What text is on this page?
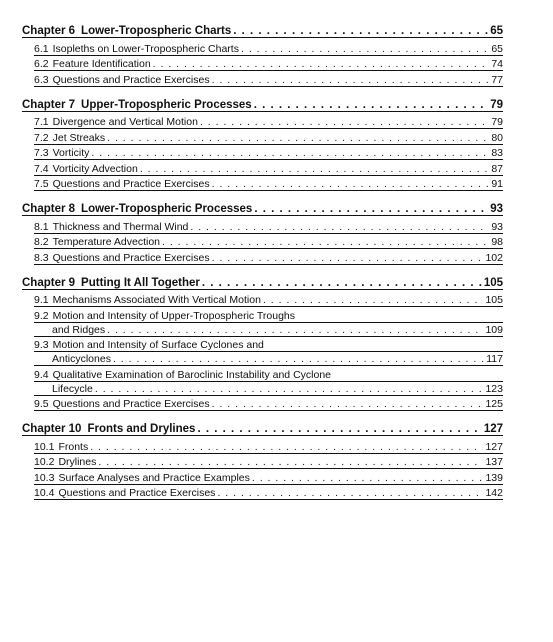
Chapter 6 Lower-Tropospheric Charts . . .	65
6.1 Isopleths on Lower-Tropospheric Charts . . .	65
6.2 Feature Identification . . .	74
6.3 Questions and Practice Exercises . . .	77
Chapter 7 Upper-Tropospheric Processes . . .	79
7.1 Divergence and Vertical Motion . . .	79
7.2 Jet Streaks . . .	80
7.3 Vorticity . . .	83
7.4 Vorticity Advection . . .	87
7.5 Questions and Practice Exercises . . .	91
Chapter 8 Lower-Tropospheric Processes . . .	93
8.1 Thickness and Thermal Wind . . .	93
8.2 Temperature Advection . . .	98
8.3 Questions and Practice Exercises . . .	102
Chapter 9 Putting It All Together . . .	105
9.1 Mechanisms Associated With Vertical Motion . . .	105
9.2 Motion and Intensity of Upper-Tropospheric Troughs
and Ridges . . .	109
9.3 Motion and Intensity of Surface Cyclones and
Anticyclones . . .	117
9.4 Qualitative Examination of Baroclinic Instability and Cyclone
Lifecycle . . .	123
9.5 Questions and Practice Exercises . . .	125
Chapter 10 Fronts and Drylines . . .	127
10.1 Fronts . . .	127
10.2 Drylines . . .	137
10.3 Surface Analyses and Practice Examples . . .	139
10.4 Questions and Practice Exercises . . .	142
